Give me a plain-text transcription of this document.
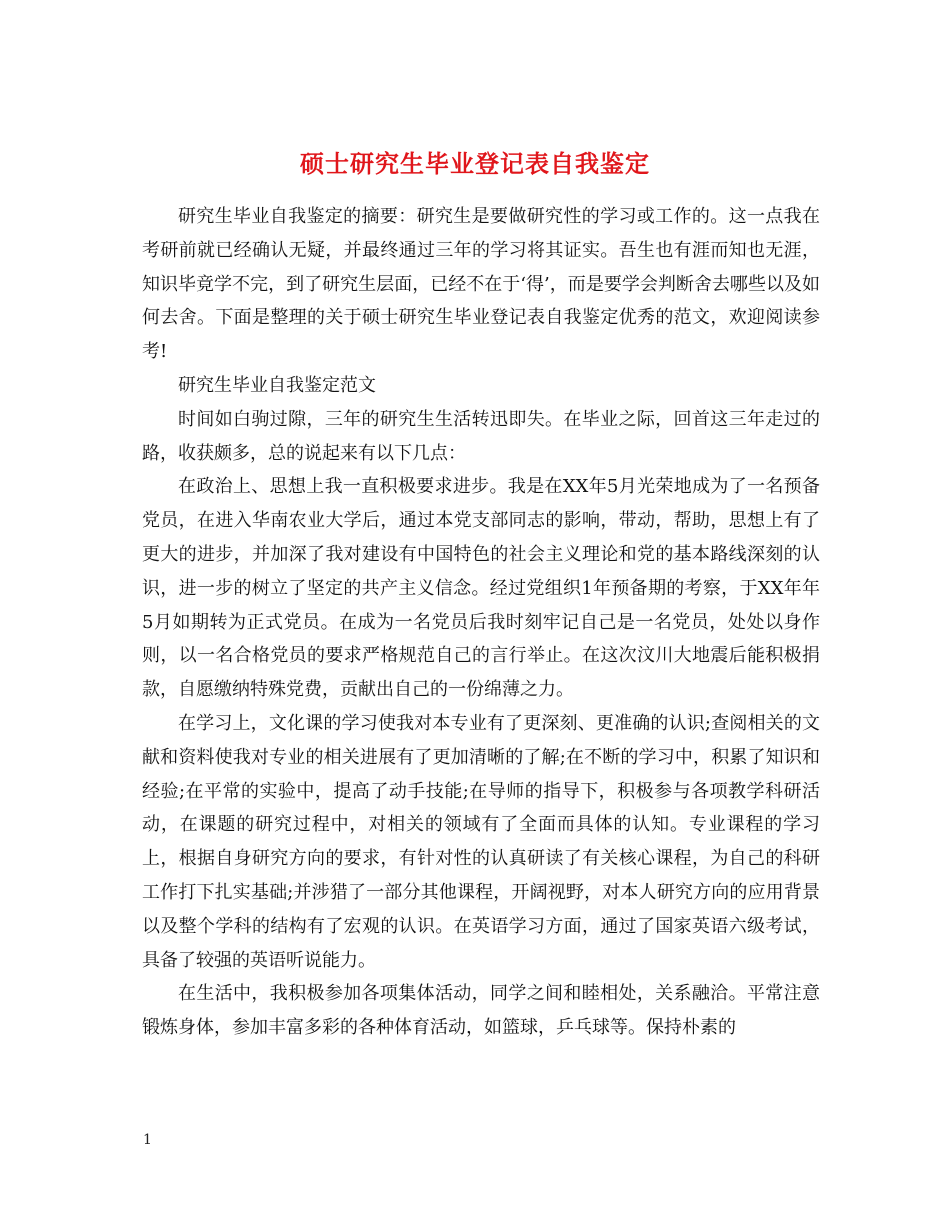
硕士研究生毕业登记表自我鉴定

研究生毕业自我鉴定的摘要：研究生是要做研究性的学习或工作的。这一点我在考研前就已经确认无疑，并最终通过三年的学习将其证实。吾生也有涯而知也无涯，知识毕竟学不完，到了研究生层面，已经不在于‘得’，而是要学会判断舍去哪些以及如何去舍。下面是整理的关于硕士研究生毕业登记表自我鉴定优秀的范文，欢迎阅读参考!

研究生毕业自我鉴定范文

时间如白驹过隙，三年的研究生生活转迅即失。在毕业之际，回首这三年走过的路，收获颇多，总的说起来有以下几点：

在政治上、思想上我一直积极要求进步。我是在XX年5月光荣地成为了一名预备党员，在进入华南农业大学后，通过本党支部同志的影响，带动，帮助，思想上有了更大的进步，并加深了我对建设有中国特色的社会主义理论和党的基本路线深刻的认识，进一步的树立了坚定的共产主义信念。经过党组织1年预备期的考察，于XX年年5月如期转为正式党员。在成为一名党员后我时刻牢记自己是一名党员，处处以身作则，以一名合格党员的要求严格规范自己的言行举止。在这次汶川大地震后能积极捐款，自愿缴纳特殊党费，贡献出自己的一份绵薄之力。

在学习上，文化课的学习使我对本专业有了更深刻、更准确的认识;查阅相关的文献和资料使我对专业的相关进展有了更加清晰的了解;在不断的学习中，积累了知识和经验;在平常的实验中，提高了动手技能;在导师的指导下，积极参与各项教学科研活动，在课题的研究过程中，对相关的领域有了全面而具体的认知。专业课程的学习上，根据自身研究方向的要求，有针对性的认真研读了有关核心课程，为自己的科研工作打下扎实基础;并涉猎了一部分其他课程，开阔视野，对本人研究方向的应用背景以及整个学科的结构有了宏观的认识。在英语学习方面，通过了国家英语六级考试，具备了较强的英语听说能力。

在生活中，我积极参加各项集体活动，同学之间和睦相处，关系融洽。平常注意锻炼身体，参加丰富多彩的各种体育活动，如篮球，乒乓球等。保持朴素的

1
